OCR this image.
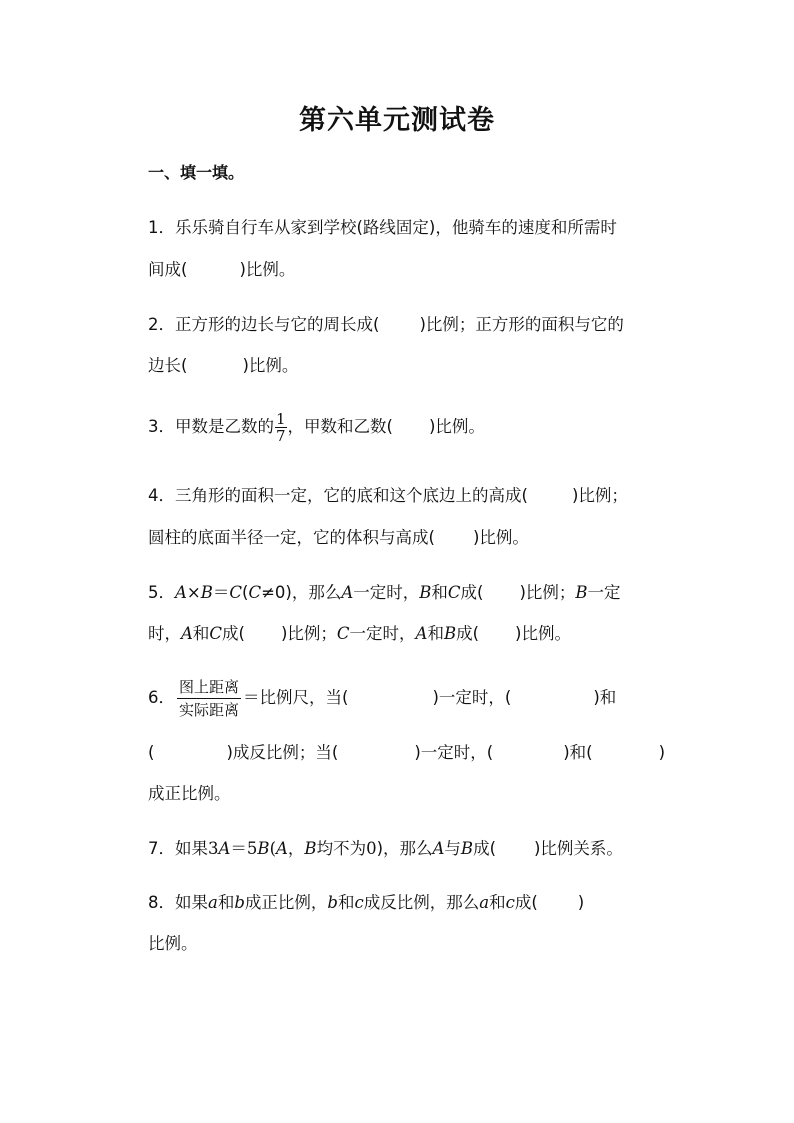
第六单元测试卷
一、填一填。
1．乐乐骑自行车从家到学校(路线固定)，他骑车的速度和所需时
间成(	)比例。
2．正方形的边长与它的周长成( )比例；正方形的面积与它的
边长(	)比例。
3．甲数是乙数的 $\frac{1}{7}$ ，甲数和乙数( )比例。
4．三角形的面积一定，它的底和这个底边上的高成(	)比例；
圆柱的底面半径一定，它的体积与高成( )比例。
5．A×B＝C(C≠0)，那么A一定时，B和C成( )比例；B一定
时，A和C成( )比例；C一定时，A和B成( )比例。
6． $\frac{\text{图上距离}}{\text{实际距离}}$ ＝比例尺，当(	)一定时，(	)和
(	)成反比例；当(	)一定时，(	)和(	)
成正比例。
7．如果3A＝5B(A，B均不为0)，那么A与B成( )比例关系。
8．如果a和b成正比例，b和c成反比例，那么a和c成( )
比例。
